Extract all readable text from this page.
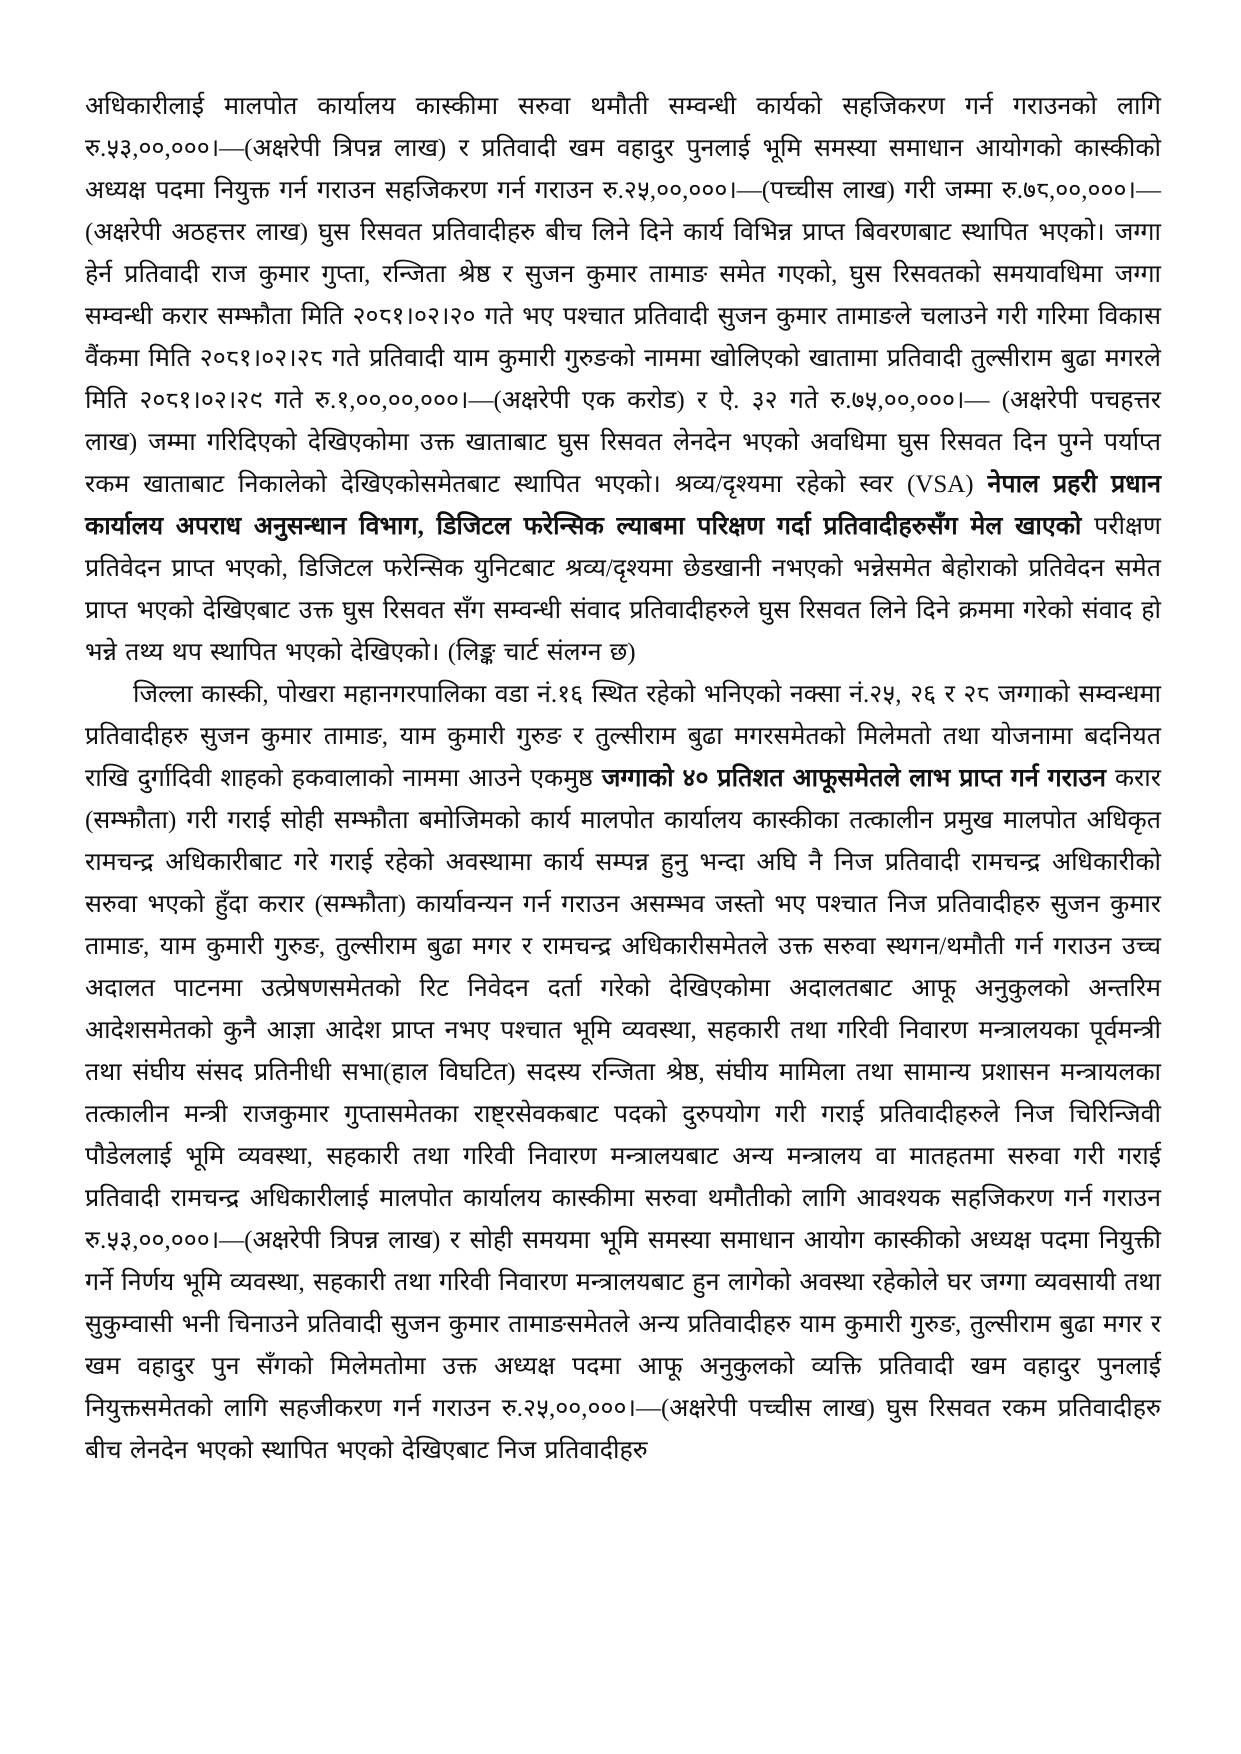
अधिकारीलाई मालपोत कार्यालय कास्कीमा सरुवा थमौती सम्वन्धी कार्यको सहजिकरण गर्न गराउनको लागि रु.५३,००,०००।—(अक्षरेपी त्रिपन्न लाख) र प्रतिवादी खम वहादुर पुनलाई भूमि समस्या समाधान आयोगको कास्कीको अध्यक्ष पदमा नियुक्त गर्न गराउन सहजिकरण गर्न गराउन रु.२५,००,०००।—(पच्चीस लाख) गरी जम्मा रु.७८,००,०००।—(अक्षरेपी अठहत्तर लाख) घुस रिसवत प्रतिवादीहरु बीच लिने दिने कार्य विभिन्न प्राप्त बिवरणबाट स्थापित भएको। जग्गा हेर्न प्रतिवादी राज कुमार गुप्ता, रन्जिता श्रेष्ठ र सुजन कुमार तामाङ समेत गएको, घुस रिसवतको समयावधिमा जग्गा सम्वन्धी करार सम्झौता मिति २०८१।०२।२० गते भए पश्चात प्रतिवादी सुजन कुमार तामाङले चलाउने गरी गरिमा विकास वैंकमा मिति २०८१।०२।२८ गते प्रतिवादी याम कुमारी गुरुङको नाममा खोलिएको खातामा प्रतिवादी तुल्सीराम बुढा मगरले मिति २०८१।०२।२९ गते रु.१,००,००,०००।—(अक्षरेपी एक करोड) र ऐ. ३२ गते रु.७५,००,०००।— (अक्षरेपी पचहत्तर लाख) जम्मा गरिदिएको देखिएकोमा उक्त खाताबाट घुस रिसवत लेनदेन भएको अवधिमा घुस रिसवत दिन पुग्ने पर्याप्त रकम खाताबाट निकालेको देखिएकोसमेतबाट स्थापित भएको। श्रव्य/दृश्यमा रहेको स्वर (VSA) नेपाल प्रहरी प्रधान कार्यालय अपराध अनुसन्धान विभाग, डिजिटल फरेन्सिक ल्याबमा परिक्षण गर्दा प्रतिवादीहरुसँग मेल खाएको परीक्षण प्रतिवेदन प्राप्त भएको, डिजिटल फरेन्सिक युनिटबाट श्रव्य/दृश्यमा छेडखानी नभएको भन्नेसमेत बेहोराको प्रतिवेदन समेत प्राप्त भएको देखिएबाट उक्त घुस रिसवत सँग सम्वन्धी संवाद प्रतिवादीहरुले घुस रिसवत लिने दिने क्रममा गरेको संवाद हो भन्ने तथ्य थप स्थापित भएको देखिएको। (लिङ्क चार्ट संलग्न छ)

जिल्ला कास्की, पोखरा महानगरपालिका वडा नं.१६ स्थित रहेको भनिएको नक्सा नं.२५, २६ र २८ जग्गाको सम्वन्धमा प्रतिवादीहरु सुजन कुमार तामाङ, याम कुमारी गुरुङ र तुल्सीराम बुढा मगरसमेतको मिलेमतो तथा योजनामा बदनियत राखि दुर्गादिवी शाहको हकवालाको नाममा आउने एकमुष्ठ जग्गाको ४० प्रतिशत आफूसमेतले लाभ प्राप्त गर्न गराउन करार (सम्झौता) गरी गराई सोही सम्झौता बमोजिमको कार्य मालपोत कार्यालय कास्कीका तत्कालीन प्रमुख मालपोत अधिकृत रामचन्द्र अधिकारीबाट गरे गराई रहेको अवस्थामा कार्य सम्पन्न हुनु भन्दा अघि नै निज प्रतिवादी रामचन्द्र अधिकारीको सरुवा भएको हुँदा करार (सम्झौता) कार्यावन्यन गर्न गराउन असम्भव जस्तो भए पश्चात निज प्रतिवादीहरु सुजन कुमार तामाङ, याम कुमारी गुरुङ, तुल्सीराम बुढा मगर र रामचन्द्र अधिकारीसमेतले उक्त सरुवा स्थगन/थमौती गर्न गराउन उच्च अदालत पाटनमा उत्प्रेषणसमेतको रिट निवेदन दर्ता गरेको देखिएकोमा अदालतबाट आफू अनुकुलको अन्तरिम आदेशसमेतको कुनै आज्ञा आदेश प्राप्त नभए पश्चात भूमि व्यवस्था, सहकारी तथा गरिवी निवारण मन्त्रालयका पूर्वमन्त्री तथा संघीय संसद प्रतिनीधी सभा(हाल विघटित) सदस्य रन्जिता श्रेष्ठ, संघीय मामिला तथा सामान्य प्रशासन मन्त्रायलका तत्कालीन मन्त्री राजकुमार गुप्तासमेतका राष्ट्रसेवकबाट पदको दुरुपयोग गरी गराई प्रतिवादीहरुले निज चिरिन्जिवी पौडेललाई भूमि व्यवस्था, सहकारी तथा गरिवी निवारण मन्त्रालयबाट अन्य मन्त्रालय वा मातहतमा सरुवा गरी गराई प्रतिवादी रामचन्द्र अधिकारीलाई मालपोत कार्यालय कास्कीमा सरुवा थमौतीको लागि आवश्यक सहजिकरण गर्न गराउन रु.५३,००,०००।—(अक्षरेपी त्रिपन्न लाख) र सोही समयमा भूमि समस्या समाधान आयोग कास्कीको अध्यक्ष पदमा नियुक्ती गर्ने निर्णय भूमि व्यवस्था, सहकारी तथा गरिवी निवारण मन्त्रालयबाट हुन लागेको अवस्था रहेकोले घर जग्गा व्यवसायी तथा सुकुम्वासी भनी चिनाउने प्रतिवादी सुजन कुमार तामाङसमेतले अन्य प्रतिवादीहरु याम कुमारी गुरुङ, तुल्सीराम बुढा मगर र खम वहादुर पुन सँगको मिलेमतोमा उक्त अध्यक्ष पदमा आफू अनुकुलको व्यक्ति प्रतिवादी खम वहादुर पुनलाई नियुक्तसमेतको लागि सहजीकरण गर्न गराउन रु.२५,००,०००।—(अक्षरेपी पच्चीस लाख) घुस रिसवत रकम प्रतिवादीहरु बीच लेनदेन भएको स्थापित भएको देखिएबाट निज प्रतिवादीहरु
